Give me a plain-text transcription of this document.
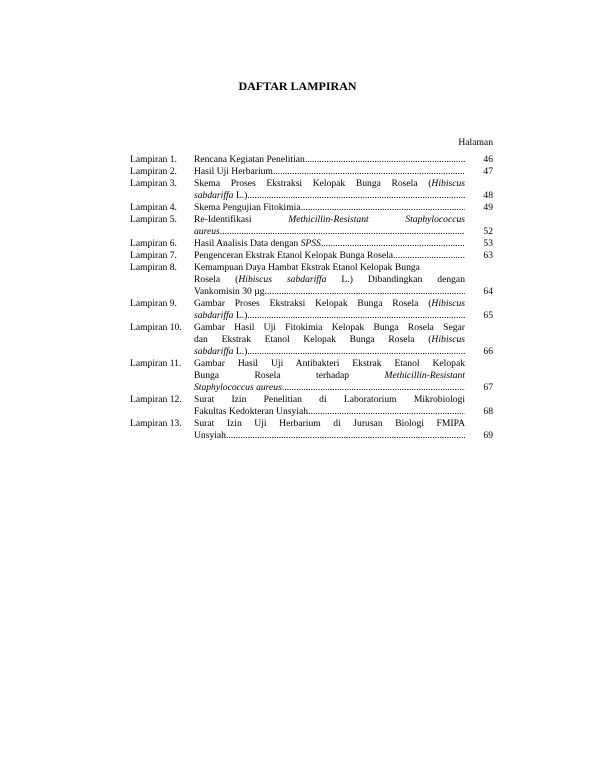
DAFTAR LAMPIRAN
Halaman
Lampiran 1.	Rencana Kegiatan Penelitian .....	46
Lampiran 2.	Hasil Uji Herbarium .....	47
Lampiran 3.	Skema Proses Ekstraksi Kelopak Bunga Rosela (Hibiscus
sabdariffa L.) .....	48
Lampiran 4.	Skema Pengujian Fitokimia .....	49
Lampiran 5.	Re-Identifikasi Methicillin-Resistant Staphylococcus
aureus .....	52
Lampiran 6.	Hasil Analisis Data dengan SPSS .....	53
Lampiran 7.	Pengenceran Ekstrak Etanol Kelopak Bunga Rosela .....	63
Lampiran 8.	Kemampuan Daya Hambat Ekstrak Etanol Kelopak Bunga
Rosela (Hibiscus sabdariffa L.) Dibandingkan dengan
Vankomisin 30 µg .....	64
Lampiran 9.	Gambar Proses Ekstraksi Kelopak Bunga Rosela (Hibiscus
sabdariffa L.) .....	65
Lampiran 10.	Gambar Hasil Uji Fitokimia Kelopak Bunga Rosela Segar
dan Ekstrak Etanol Kelopak Bunga Rosela (Hibiscus
sabdariffa L.) .....	66
Lampiran 11.	Gambar Hasil Uji Antibakteri Ekstrak Etanol Kelopak
Bunga Rosela terhadap Methicillin-Resistant
Staphylococcus aureus .....	67
Lampiran 12.	Surat Izin Penelitian di Laboratorium Mikrobiologi
Fakultas Kedokteran Unsyiah .....	68
Lampiran 13.	Surat Izin Uji Herbarium di Jurusan Biologi FMIPA
Unsyiah .....	69
